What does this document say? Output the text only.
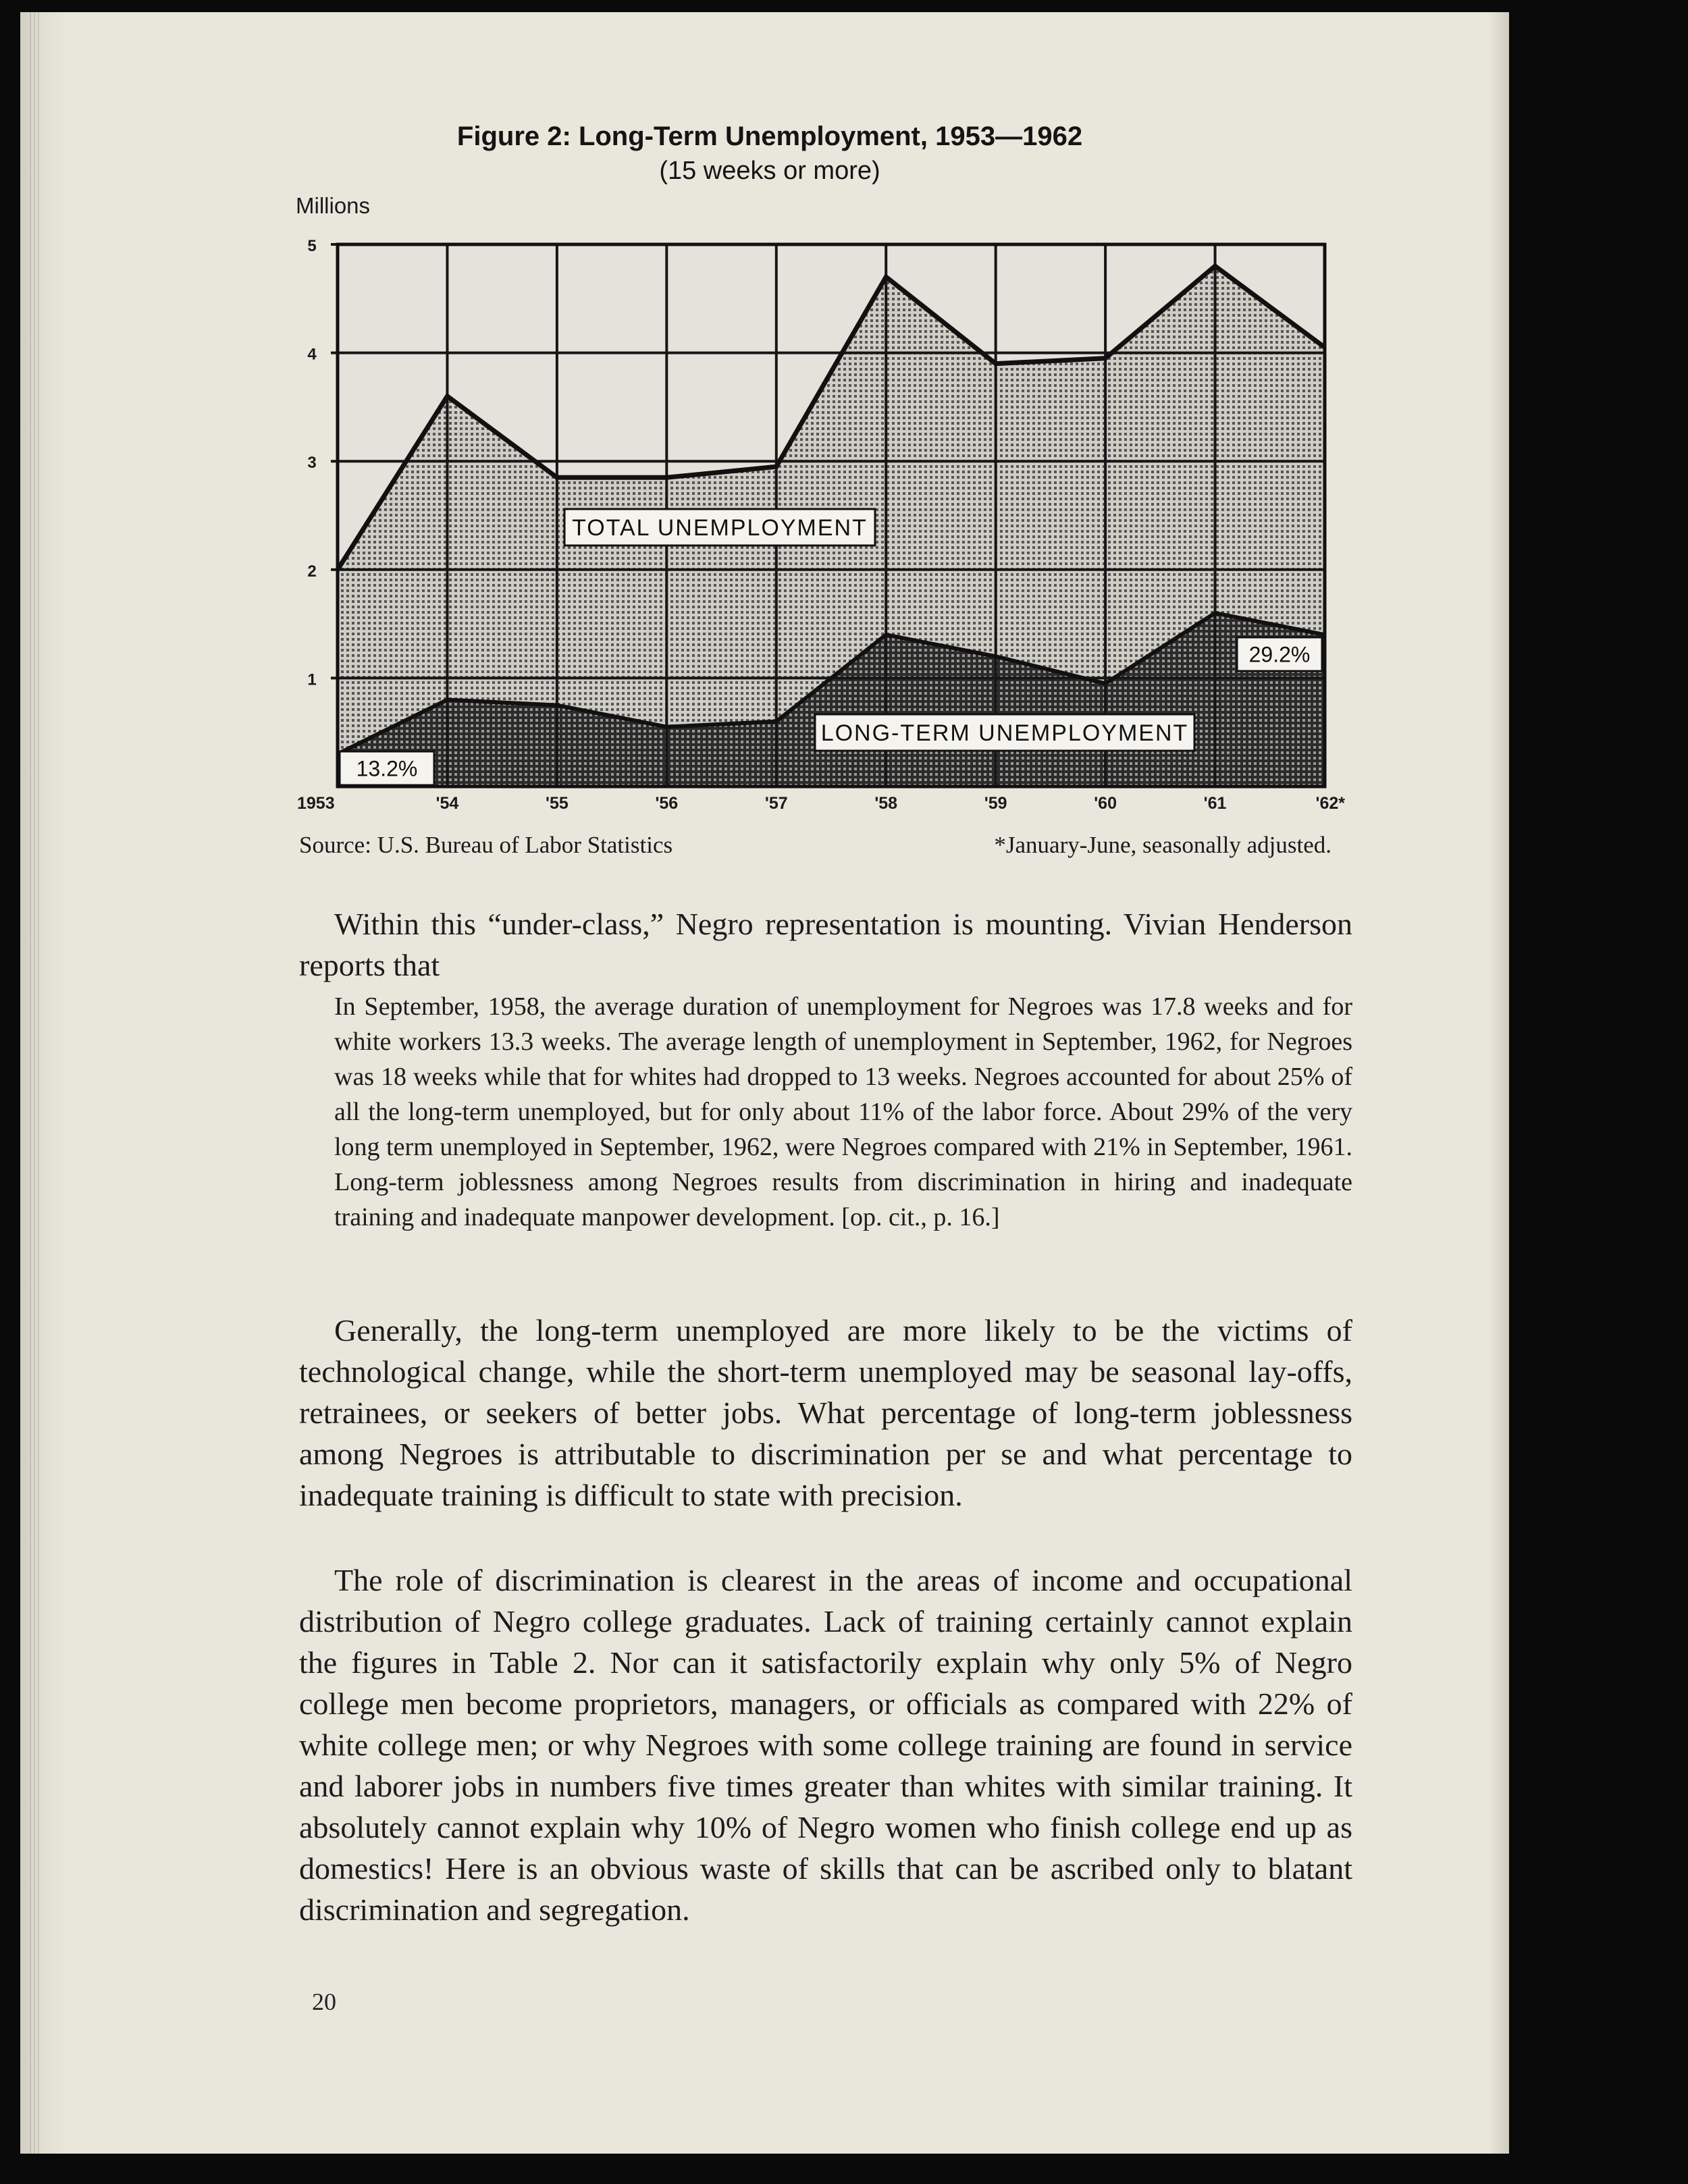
Figure 2: Long-Term Unemployment, 1953—1962
(15 weeks or more)
Millions
1
2
3
4
5
1953	'54	'55	'56	'57	'58	'59	'60	'61	'62*
TOTAL UNEMPLOYMENT
LONG-TERM UNEMPLOYMENT
13.2%
29.2%
Source: U.S. Bureau of Labor Statistics	*January-June, seasonally adjusted.

Within this “under-class,” Negro representation is mounting. Vivian Henderson reports that

In September, 1958, the average duration of unemployment for Negroes was 17.8 weeks and for white workers 13.3 weeks. The average length of unemployment in September, 1962, for Negroes was 18 weeks while that for whites had dropped to 13 weeks. Negroes accounted for about 25% of all the long-term unemployed, but for only about 11% of the labor force. About 29% of the very long term unemployed in September, 1962, were Negroes compared with 21% in September, 1961. Long-term joblessness among Negroes results from discrimination in hiring and inadequate training and inadequate manpower development. [op. cit., p. 16.]

Generally, the long-term unemployed are more likely to be the victims of technological change, while the short-term unemployed may be seasonal lay-offs, retrainees, or seekers of better jobs. What percentage of long-term joblessness among Negroes is attributable to discrimination per se and what percentage to inadequate training is difficult to state with precision.

The role of discrimination is clearest in the areas of income and occupational distribution of Negro college graduates. Lack of training certainly cannot explain the figures in Table 2. Nor can it satisfactorily explain why only 5% of Negro college men become proprietors, managers, or officials as compared with 22% of white college men; or why Negroes with some college training are found in service and laborer jobs in numbers five times greater than whites with similar training. It absolutely cannot explain why 10% of Negro women who finish college end up as domestics! Here is an obvious waste of skills that can be ascribed only to blatant discrimination and segregation.

20
